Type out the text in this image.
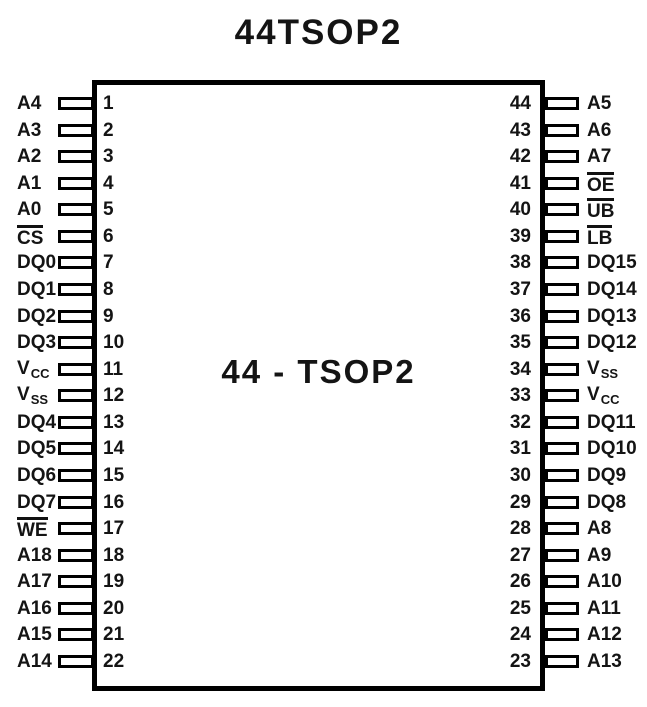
44TSOP2
44 - TSOP2
A4	1
A3	2
A2	3
A1	4
A0	5
CS	6
DQ0 7
DQ1 8
DQ2 9
DQ3 10
$V_{CC}$	11
$V_{SS}$	12
DQ4 13
DQ5 14
DQ6 15
DQ7 16
WE	17
A18	18
A17	19
A16	20
A15	21
A14	22
44	A5
43	A6
42	A7
41	OE
40	UB
39	LB
38	DQ15
37	DQ14
36	DQ13
35	DQ12
34	$V_{SS}$
33	$V_{CC}$
32	DQ11
31	DQ10
30	DQ9
29	DQ8
28	A8
27	A9
26	A10
25	A11
24	A12
23	A13
